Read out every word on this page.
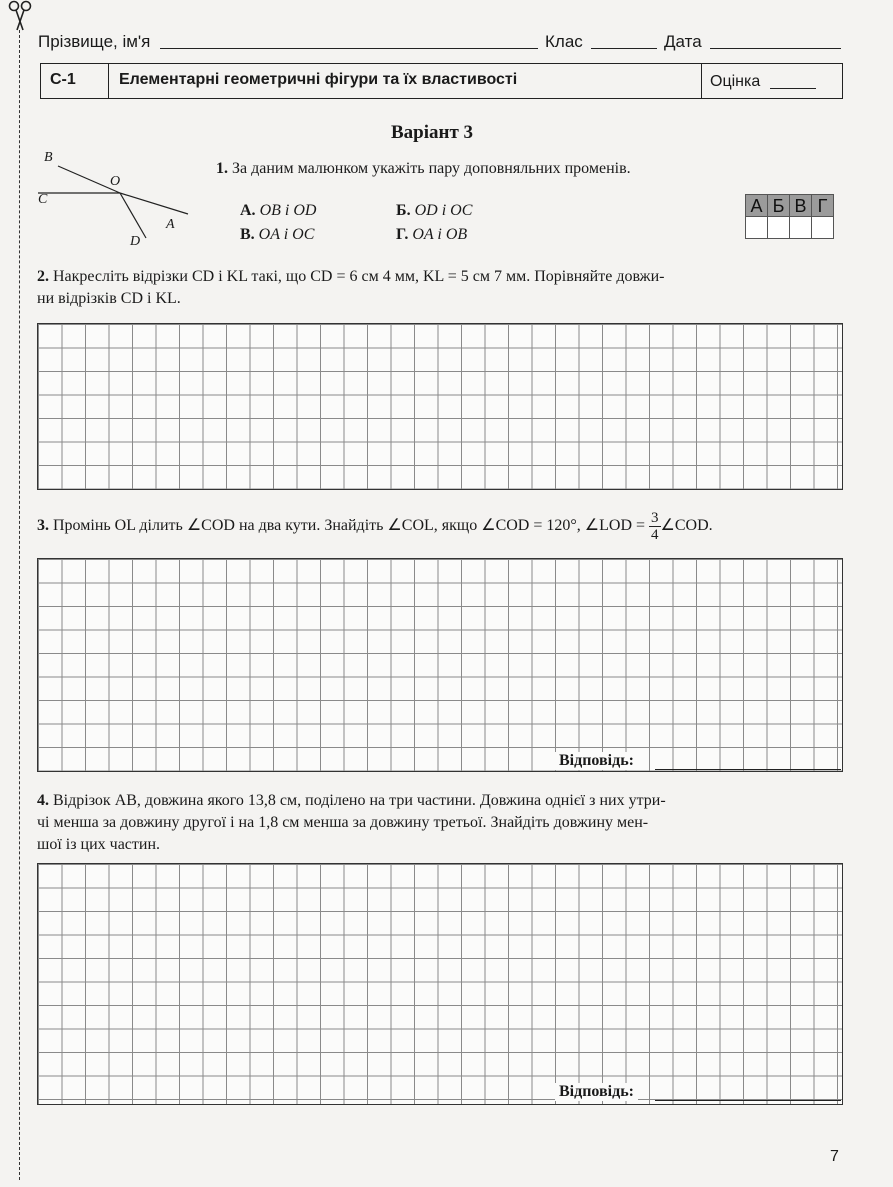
Прізвище, ім'я	Клас	Дата
С-1	Елементарні геометричні фігури та їх властивості	Оцінка
Варіант 3
B
O
C
A
D
1. За даним малюнком укажіть пару доповняльних променів.
А. OB і OD	Б. OD і OC
В. OA і OC	Г. OA і OB
А Б В Г
2. Накресліть відрізки CD і KL такі, що CD = 6 см 4 мм, KL = 5 см 7 мм. Порівняйте довжи-
ни відрізків CD і KL.
3. Промінь OL ділить ∠COD на два кути. Знайдіть ∠COL, якщо ∠COD = 120°, ∠LOD = $\frac{3}{4}$ ∠COD.
Відповідь:
4. Відрізок AB, довжина якого 13,8 см, поділено на три частини. Довжина однієї з них утри-
чі менша за довжину другої і на 1,8 см менша за довжину третьої. Знайдіть довжину мен-
шої із цих частин.
Відповідь:
7
